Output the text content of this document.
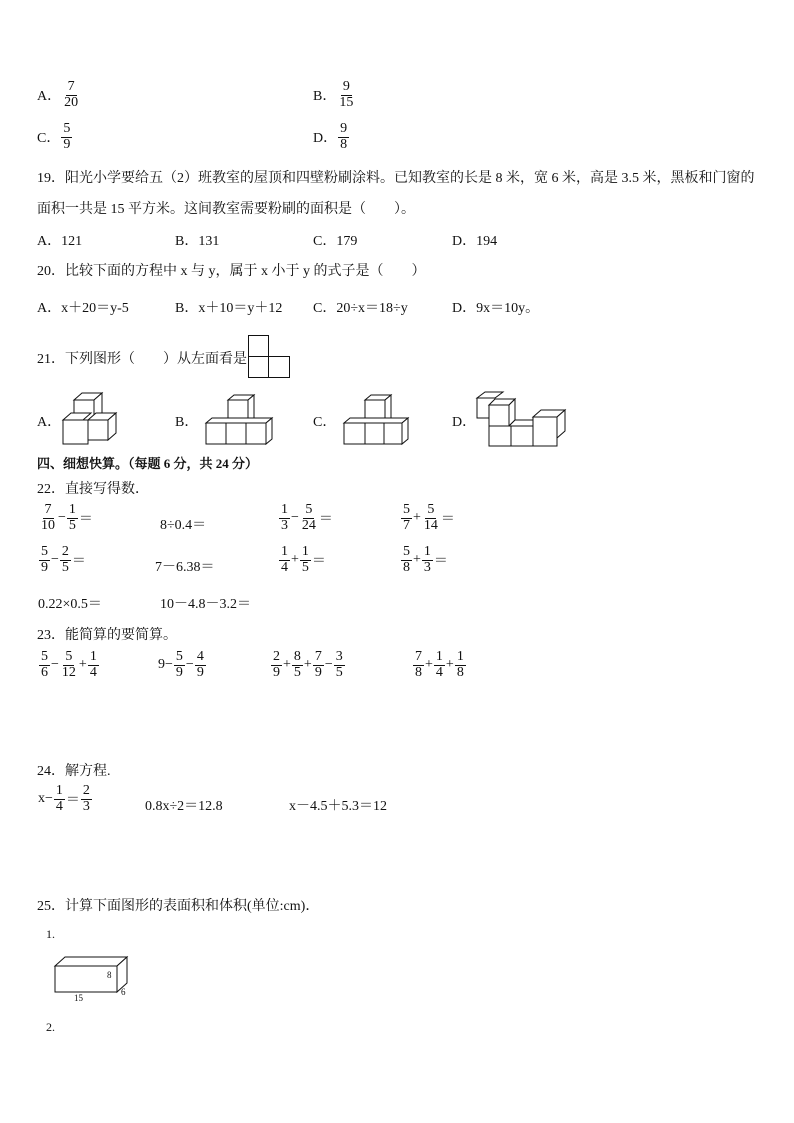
A． $\frac{7}{20}$	B． $\frac{9}{15}$
C． $\frac{5}{9}$	D． $\frac{9}{8}$
19．阳光小学要给五（2）班教室的屋顶和四壁粉刷涂料。已知教室的长是 8 米，宽 6 米，高是 3.5 米，黑板和门窗的
面积一共是 15 平方米。这间教室需要粉刷的面积是（　　）。
A．121	B．131	C．179	D．194
20．比较下面的方程中 x 与 y，属于 x 小于 y 的式子是（　　）
A．x＋20＝y-5	B．x＋10＝y＋12 C．20÷x＝18÷y	D．9x＝10y。
21．下列图形（　　）从左面看是
A．	B．	C．	D．
四、细想快算。（每题 6 分，共 24 分）
22．直接写得数．
$\frac{7}{10} - \frac{1}{5}$ ＝	8÷0.4＝	$\frac{1}{3} - \frac{5}{24}$ ＝	$\frac{5}{7} + \frac{5}{14}$ ＝
$\frac{5}{9} - \frac{2}{5}$ ＝	7－6.38＝	$\frac{1}{4} + \frac{1}{5}$ ＝	$\frac{5}{8} + \frac{1}{3}$ ＝
0.22×0.5＝	10－4.8－3.2＝
23．能简算的要简算。
$\frac{5}{6} - \frac{5}{12} + \frac{1}{4}$	$9- \frac{5}{9} - \frac{4}{9}$	$\frac{2}{9} + \frac{8}{5} + \frac{7}{9} - \frac{3}{5}$	$\frac{7}{8} + \frac{1}{4} + \frac{1}{8}$
24．解方程.
$x- \frac{1}{4} = \frac{2}{3}$	0.8x÷2＝12.8	x－4.5＋5.3＝12
25．计算下面图形的表面积和体积(单位:cm)．
1.
8
15
6
2.
